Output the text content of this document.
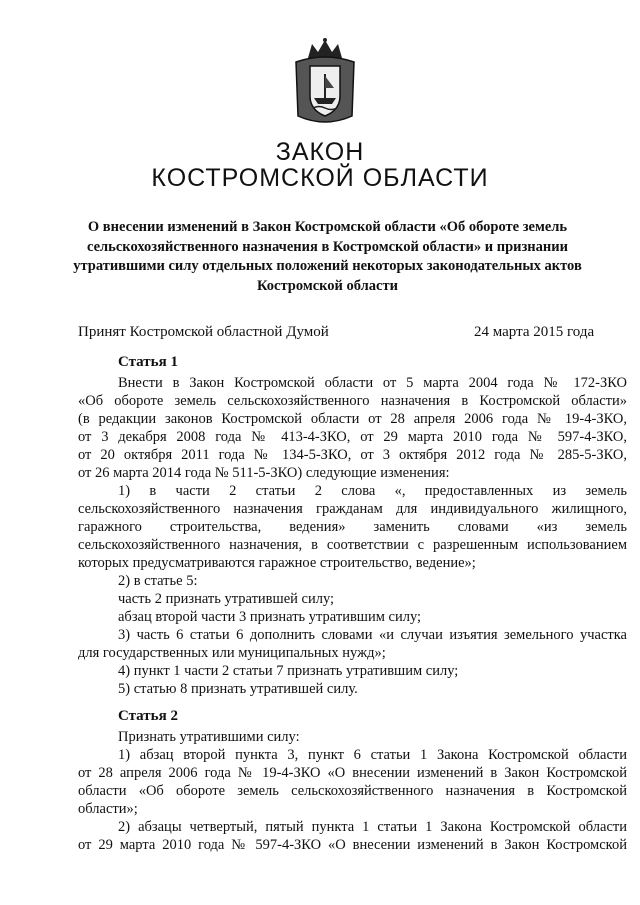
ЗАКОН
КОСТРОМСКОЙ ОБЛАСТИ
О внесении изменений в Закон Костромской области «Об обороте земель
сельскохозяйственного назначения в Костромской области» и признании
утратившими силу отдельных положений некоторых законодательных актов
Костромской области
Принят Костромской областной Думой	24 марта 2015 года
Статья 1
Внести в Закон Костромской области от 5 марта 2004 года № 172-ЗКО
«Об обороте земель сельскохозяйственного назначения в Костромской области»
(в редакции законов Костромской области от 28 апреля 2006 года № 19-4-ЗКО,
от 3 декабря 2008 года № 413-4-ЗКО, от 29 марта 2010 года № 597-4-ЗКО,
от 20 октября 2011 года № 134-5-ЗКО, от 3 октября 2012 года № 285-5-ЗКО,
от 26 марта 2014 года № 511-5-ЗКО) следующие изменения:
1) в части 2 статьи 2 слова «, предоставленных из земель
сельскохозяйственного назначения гражданам для индивидуального жилищного,
гаражного строительства, ведения» заменить словами «из земель
сельскохозяйственного назначения, в соответствии с разрешенным использованием
которых предусматриваются гаражное строительство, ведение»;
2) в статье 5:
часть 2 признать утратившей силу;
абзац второй части 3 признать утратившим силу;
3) часть 6 статьи 6 дополнить словами «и случаи изъятия земельного участка
для государственных или муниципальных нужд»;
4) пункт 1 части 2 статьи 7 признать утратившим силу;
5) статью 8 признать утратившей силу.
Статья 2
Признать утратившими силу:
1) абзац второй пункта 3, пункт 6 статьи 1 Закона Костромской области
от 28 апреля 2006 года № 19-4-ЗКО «О внесении изменений в Закон Костромской
области «Об обороте земель сельскохозяйственного назначения в Костромской
области»;
2) абзацы четвертый, пятый пункта 1 статьи 1 Закона Костромской области
от 29 марта 2010 года № 597-4-ЗКО «О внесении изменений в Закон Костромской
